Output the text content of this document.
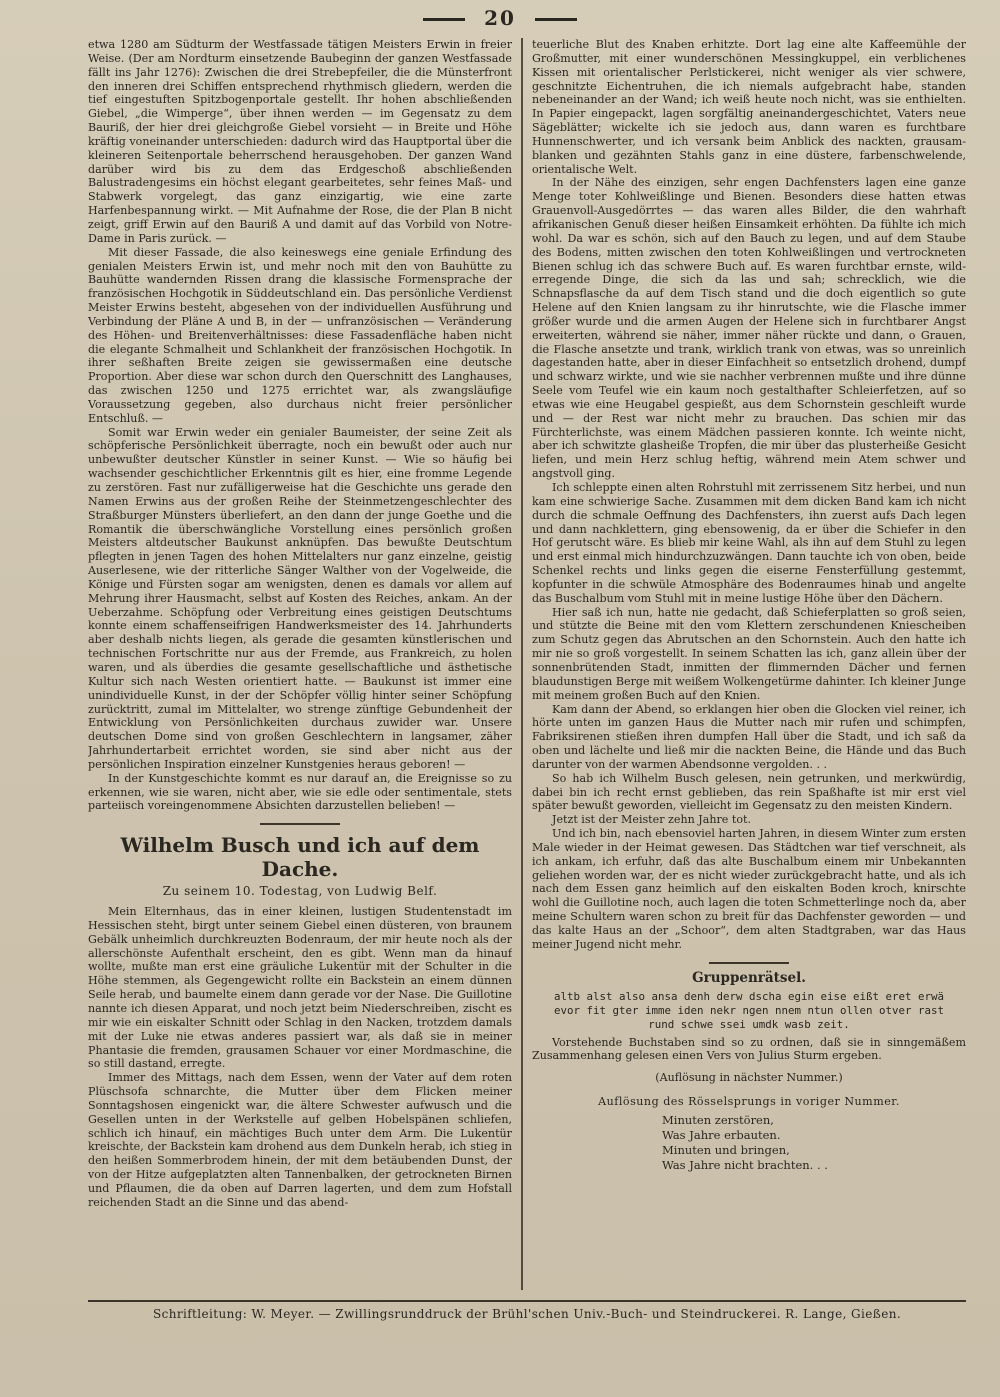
20

etwa 1280 am Südturm der Westfassade tätigen Meisters Erwin in freier Weise. (Der am Nordturm einsetzende Baubeginn der ganzen Westfassade fällt ins Jahr 1276): Zwischen die drei Strebepfeiler, die die Münsterfront den inneren drei Schiffen entsprechend rhythmisch gliedern, werden die tief eingestuften Spitzbogenportale gestellt. Ihr hohen abschließenden Giebel, „die Wimperge“, über ihnen werden — im Gegensatz zu dem Bauriß, der hier drei gleichgroße Giebel vorsieht — in Breite und Höhe kräftig voneinander unterschieden: dadurch wird das Hauptportal über die kleineren Seitenportale beherrschend herausgehoben. Der ganzen Wand darüber wird bis zu dem das Erdgeschoß abschließenden Balustradengesims ein höchst elegant gearbeitetes, sehr feines Maß- und Stabwerk vorgelegt, das ganz einzigartig, wie eine zarte Harfenbespannung wirkt. — Mit Aufnahme der Rose, die der Plan B nicht zeigt, griff Erwin auf den Bauriß A und damit auf das Vorbild von Notre-Dame in Paris zurück. —

Mit dieser Fassade, die also keineswegs eine geniale Erfindung des genialen Meisters Erwin ist, und mehr noch mit den von Bauhütte zu Bauhütte wandernden Rissen drang die klassische Formensprache der französischen Hochgotik in Süddeutschland ein. Das persönliche Verdienst Meister Erwins besteht, abgesehen von der individuellen Ausführung und Verbindung der Pläne A und B, in der — unfranzösischen — Veränderung des Höhen- und Breitenverhältnisses: diese Fassadenfläche haben nicht die elegante Schmalheit und Schlankheit der französischen Hochgotik. In ihrer seßhaften Breite zeigen sie gewissermaßen eine deutsche Proportion. Aber diese war schon durch den Querschnitt des Langhauses, das zwischen 1250 und 1275 errichtet war, als zwangsläufige Voraussetzung gegeben, also durchaus nicht freier persönlicher Entschluß. —

Somit war Erwin weder ein genialer Baumeister, der seine Zeit als schöpferische Persönlichkeit überragte, noch ein bewußt oder auch nur unbewußter deutscher Künstler in seiner Kunst. — Wie so häufig bei wachsender geschichtlicher Erkenntnis gilt es hier, eine fromme Legende zu zerstören. Fast nur zufälligerweise hat die Geschichte uns gerade den Namen Erwins aus der großen Reihe der Steinmetzengeschlechter des Straßburger Münsters überliefert, an den dann der junge Goethe und die Romantik die überschwängliche Vorstellung eines persönlich großen Meisters altdeutscher Baukunst anknüpfen. Das bewußte Deutschtum pflegten in jenen Tagen des hohen Mittelalters nur ganz einzelne, geistig Auserlesene, wie der ritterliche Sänger Walther von der Vogelweide, die Könige und Fürsten sogar am wenigsten, denen es damals vor allem auf Mehrung ihrer Hausmacht, selbst auf Kosten des Reiches, ankam. An der Ueberzahme. Schöpfung oder Verbreitung eines geistigen Deutschtums konnte einem schaffenseifrigen Handwerksmeister des 14. Jahrhunderts aber deshalb nichts liegen, als gerade die gesamten künstlerischen und technischen Fortschritte nur aus der Fremde, aus Frankreich, zu holen waren, und als überdies die gesamte gesellschaftliche und ästhetische Kultur sich nach Westen orientiert hatte. — Baukunst ist immer eine unindividuelle Kunst, in der der Schöpfer völlig hinter seiner Schöpfung zurücktritt, zumal im Mittelalter, wo strenge zünftige Gebundenheit der Entwicklung von Persönlichkeiten durchaus zuwider war. Unsere deutschen Dome sind von großen Geschlechtern in langsamer, zäher Jahrhundertarbeit errichtet worden, sie sind aber nicht aus der persönlichen Inspiration einzelner Kunstgenies heraus geboren! —

In der Kunstgeschichte kommt es nur darauf an, die Ereignisse so zu erkennen, wie sie waren, nicht aber, wie sie edle oder sentimentale, stets parteiisch voreingenommene Absichten darzustellen belieben! —

Wilhelm Busch und ich auf dem Dache.
Zu seinem 10. Todestag, von Ludwig Belf.

Mein Elternhaus, das in einer kleinen, lustigen Studentenstadt im Hessischen steht, birgt unter seinem Giebel einen düsteren, von braunem Gebälk unheimlich durchkreuzten Bodenraum, der mir heute noch als der allerschönste Aufenthalt erscheint, den es gibt. Wenn man da hinauf wollte, mußte man erst eine gräuliche Lukentür mit der Schulter in die Höhe stemmen, als Gegengewicht rollte ein Backstein an einem dünnen Seile herab, und baumelte einem dann gerade vor der Nase. Die Guillotine nannte ich diesen Apparat, und noch jetzt beim Niederschreiben, zischt es mir wie ein eiskalter Schnitt oder Schlag in den Nacken, trotzdem damals mit der Luke nie etwas anderes passiert war, als daß sie in meiner Phantasie die fremden, grausamen Schauer vor einer Mordmaschine, die so still dastand, erregte.

Immer des Mittags, nach dem Essen, wenn der Vater auf dem roten Plüschsofa schnarchte, die Mutter über dem Flicken meiner Sonntagshosen eingenickt war, die ältere Schwester aufwusch und die Gesellen unten in der Werkstelle auf gelben Hobelspänen schliefen, schlich ich hinauf, ein mächtiges Buch unter dem Arm. Die Lukentür kreischte, der Backstein kam drohend aus dem Dunkeln herab, ich stieg in den heißen Sommerbrodem hinein, der mit dem betäubenden Dunst, der von der Hitze aufgeplatzten alten Tannenbalken, der getrockneten Birnen und Pflaumen, die da oben auf Darren lagerten, und dem zum Hofstall reichenden Stadt an die Sinne und das abend-

teuerliche Blut des Knaben erhitzte. Dort lag eine alte Kaffeemühle der Großmutter, mit einer wunderschönen Messingkuppel, ein verblichenes Kissen mit orientalischer Perlstickerei, nicht weniger als vier schwere, geschnitzte Eichentruhen, die ich niemals aufgebracht habe, standen nebeneinander an der Wand; ich weiß heute noch nicht, was sie enthielten. In Papier eingepackt, lagen sorgfältig aneinandergeschichtet, Vaters neue Sägeblätter; wickelte ich sie jedoch aus, dann waren es furchtbare Hunnenschwerter, und ich versank beim Anblick des nackten, grausam-blanken und gezähnten Stahls ganz in eine düstere, farbenschwelende, orientalische Welt.

In der Nähe des einzigen, sehr engen Dachfensters lagen eine ganze Menge toter Kohlweißlinge und Bienen. Besonders diese hatten etwas Grauenvoll-Ausgedörrtes — das waren alles Bilder, die den wahrhaft afrikanischen Genuß dieser heißen Einsamkeit erhöhten. Da fühlte ich mich wohl. Da war es schön, sich auf den Bauch zu legen, und auf dem Staube des Bodens, mitten zwischen den toten Kohlweißlingen und vertrockneten Bienen schlug ich das schwere Buch auf. Es waren furchtbar ernste, wild-erregende Dinge, die sich da las und sah; schrecklich, wie die Schnapsflasche da auf dem Tisch stand und die doch eigentlich so gute Helene auf den Knien langsam zu ihr hinrutschte, wie die Flasche immer größer wurde und die armen Augen der Helene sich in furchtbarer Angst erweiterten, während sie näher, immer näher rückte und dann, o Grauen, die Flasche ansetzte und trank, wirklich trank von etwas, was so unreinlich dagestanden hatte, aber in dieser Einfachheit so entsetzlich drohend, dumpf und schwarz wirkte, und wie sie nachher verbrennen mußte und ihre dünne Seele vom Teufel wie ein kaum noch gestalthafter Schleierfetzen, auf so etwas wie eine Heugabel gespießt, aus dem Schornstein geschleift wurde und — der Rest war nicht mehr zu brauchen. Das schien mir das Fürchterlichste, was einem Mädchen passieren konnte. Ich weinte nicht, aber ich schwitzte glasheiße Tropfen, die mir über das plusterheiße Gesicht liefen, und mein Herz schlug heftig, während mein Atem schwer und angstvoll ging.

Ich schleppte einen alten Rohrstuhl mit zerrissenem Sitz herbei, und nun kam eine schwierige Sache. Zusammen mit dem dicken Band kam ich nicht durch die schmale Oeffnung des Dachfensters, ihn zuerst aufs Dach legen und dann nachklettern, ging ebensowenig, da er über die Schiefer in den Hof gerutscht wäre. Es blieb mir keine Wahl, als ihn auf dem Stuhl zu legen und erst einmal mich hindurchzuzwängen. Dann tauchte ich von oben, beide Schenkel rechts und links gegen die eiserne Fensterfüllung gestemmt, kopfunter in die schwüle Atmosphäre des Bodenraumes hinab und angelte das Buschalbum vom Stuhl mit in meine lustige Höhe über den Dächern.

Hier saß ich nun, hatte nie gedacht, daß Schieferplatten so groß seien, und stützte die Beine mit den vom Klettern zerschundenen Kniescheiben zum Schutz gegen das Abrutschen an den Schornstein. Auch den hatte ich mir nie so groß vorgestellt. In seinem Schatten las ich, ganz allein über der sonnenbrütenden Stadt, inmitten der flimmernden Dächer und fernen blaudunstigen Berge mit weißem Wolkengetürme dahinter. Ich kleiner Junge mit meinem großen Buch auf den Knien.

Kam dann der Abend, so erklangen hier oben die Glocken viel reiner, ich hörte unten im ganzen Haus die Mutter nach mir rufen und schimpfen, Fabriksirenen stießen ihren dumpfen Hall über die Stadt, und ich saß da oben und lächelte und ließ mir die nackten Beine, die Hände und das Buch darunter von der warmen Abendsonne vergolden. . .

So hab ich Wilhelm Busch gelesen, nein getrunken, und merkwürdig, dabei bin ich recht ernst geblieben, das rein Spaßhafte ist mir erst viel später bewußt geworden, vielleicht im Gegensatz zu den meisten Kindern.

Jetzt ist der Meister zehn Jahre tot.

Und ich bin, nach ebensoviel harten Jahren, in diesem Winter zum ersten Male wieder in der Heimat gewesen. Das Städtchen war tief verschneit, als ich ankam, ich erfuhr, daß das alte Buschalbum einem mir Unbekannten geliehen worden war, der es nicht wieder zurückgebracht hatte, und als ich nach dem Essen ganz heimlich auf den eiskalten Boden kroch, knirschte wohl die Guillotine noch, auch lagen die toten Schmetterlinge noch da, aber meine Schultern waren schon zu breit für das Dachfenster geworden — und das kalte Haus an der „Schoor“, dem alten Stadtgraben, war das Haus meiner Jugend nicht mehr.

Gruppenrätsel.
altb alst also ansa denh derw dscha egin eise eißt eret erwä
evor fit gter imme iden nekr ngen nnem ntun ollen otver rast
rund schwe ssei umdk wasb zeit.

Vorstehende Buchstaben sind so zu ordnen, daß sie in sinngemäßem Zusammenhang gelesen einen Vers von Julius Sturm ergeben.

(Auflösung in nächster Nummer.)
Auflösung des Rösselsprungs in voriger Nummer.
Minuten zerstören,
Was Jahre erbauten.
Minuten und bringen,
Was Jahre nicht brachten. . .
Schriftleitung: W. Meyer. — Zwillingsrunddruck der Brühl'schen Univ.-Buch- und Steindruckerei. R. Lange, Gießen.
